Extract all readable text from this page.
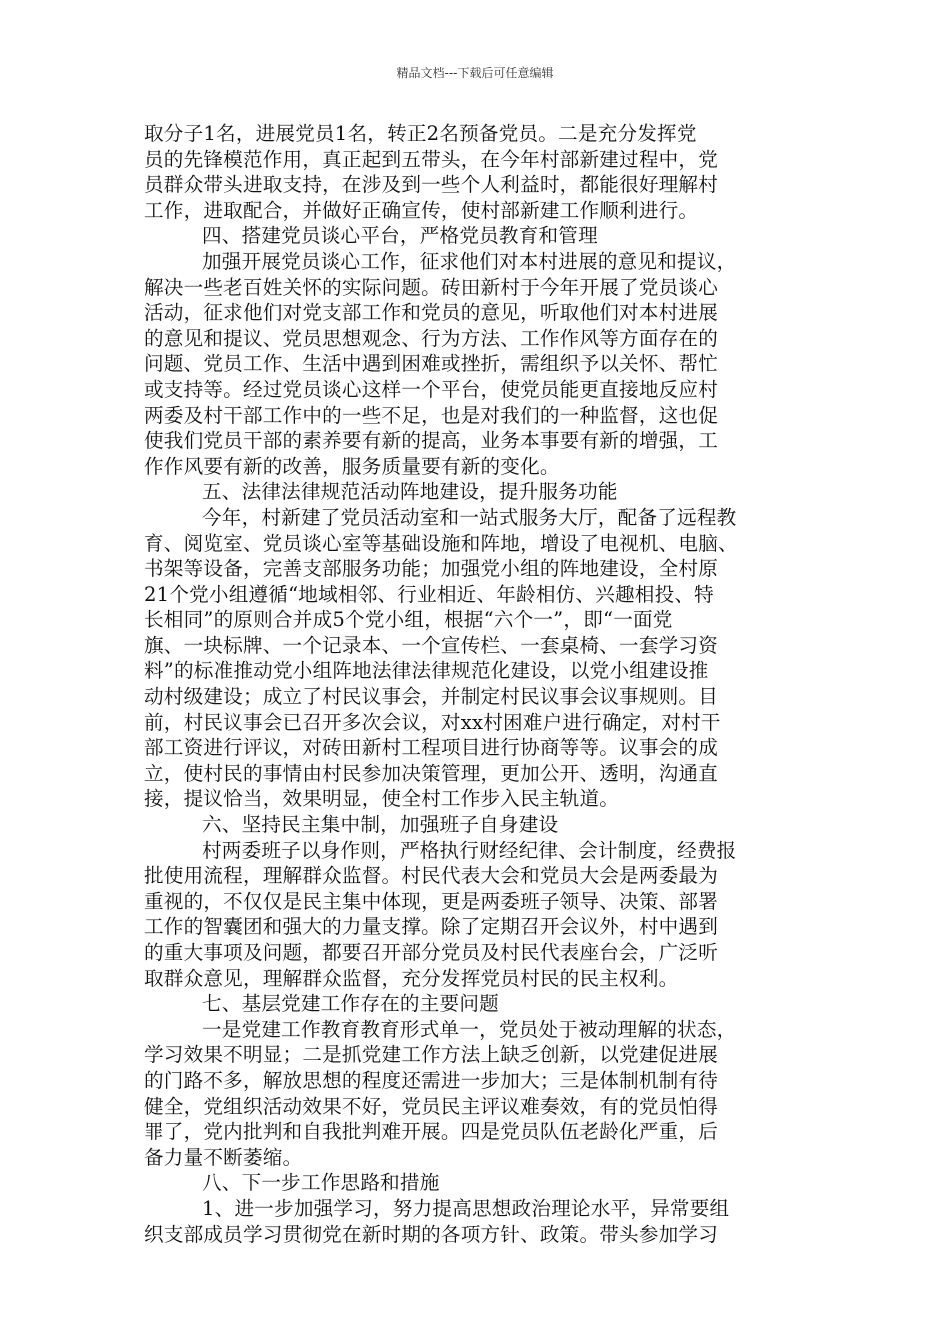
精品文档---下载后可任意编辑
取分子1名，进展党员1名，转正2名预备党员。二是充分发挥党
员的先锋模范作用，真正起到五带头，在今年村部新建过程中，党
员群众带头进取支持，在涉及到一些个人利益时，都能很好理解村
工作，进取配合，并做好正确宣传，使村部新建工作顺利进行。
四、搭建党员谈心平台，严格党员教育和管理
加强开展党员谈心工作，征求他们对本村进展的意见和提议，
解决一些老百姓关怀的实际问题。砖田新村于今年开展了党员谈心
活动，征求他们对党支部工作和党员的意见，听取他们对本村进展
的意见和提议、党员思想观念、行为方法、工作作风等方面存在的
问题、党员工作、生活中遇到困难或挫折，需组织予以关怀、帮忙
或支持等。经过党员谈心这样一个平台，使党员能更直接地反应村
两委及村干部工作中的一些不足，也是对我们的一种监督，这也促
使我们党员干部的素养要有新的提高，业务本事要有新的增强，工
作作风要有新的改善，服务质量要有新的变化。
五、法律法律规范活动阵地建设，提升服务功能
今年，村新建了党员活动室和一站式服务大厅，配备了远程教
育、阅览室、党员谈心室等基础设施和阵地，增设了电视机、电脑、
书架等设备，完善支部服务功能；加强党小组的阵地建设，全村原
21个党小组遵循“地域相邻、行业相近、年龄相仿、兴趣相投、特
长相同”的原则合并成5个党小组，根据“六个一”，即“一面党
旗、一块标牌、一个记录本、一个宣传栏、一套桌椅、一套学习资
料”的标准推动党小组阵地法律法律规范化建设，以党小组建设推
动村级建设；成立了村民议事会，并制定村民议事会议事规则。目
前，村民议事会已召开多次会议，对xx村困难户进行确定，对村干
部工资进行评议，对砖田新村工程项目进行协商等等。议事会的成
立，使村民的事情由村民参加决策管理，更加公开、透明，沟通直
接，提议恰当，效果明显，使全村工作步入民主轨道。
六、坚持民主集中制，加强班子自身建设
村两委班子以身作则，严格执行财经纪律、会计制度，经费报
批使用流程，理解群众监督。村民代表大会和党员大会是两委最为
重视的，不仅仅是民主集中体现，更是两委班子领导、决策、部署
工作的智囊团和强大的力量支撑。除了定期召开会议外，村中遇到
的重大事项及问题，都要召开部分党员及村民代表座台会，广泛听
取群众意见，理解群众监督，充分发挥党员村民的民主权利。
七、基层党建工作存在的主要问题
一是党建工作教育教育形式单一，党员处于被动理解的状态，
学习效果不明显；二是抓党建工作方法上缺乏创新，以党建促进展
的门路不多，解放思想的程度还需进一步加大；三是体制机制有待
健全，党组织活动效果不好，党员民主评议难奏效，有的党员怕得
罪了，党内批判和自我批判难开展。四是党员队伍老龄化严重，后
备力量不断萎缩。
八、下一步工作思路和措施
1、进一步加强学习，努力提高思想政治理论水平，异常要组
织支部成员学习贯彻党在新时期的各项方针、政策。带头参加学习
